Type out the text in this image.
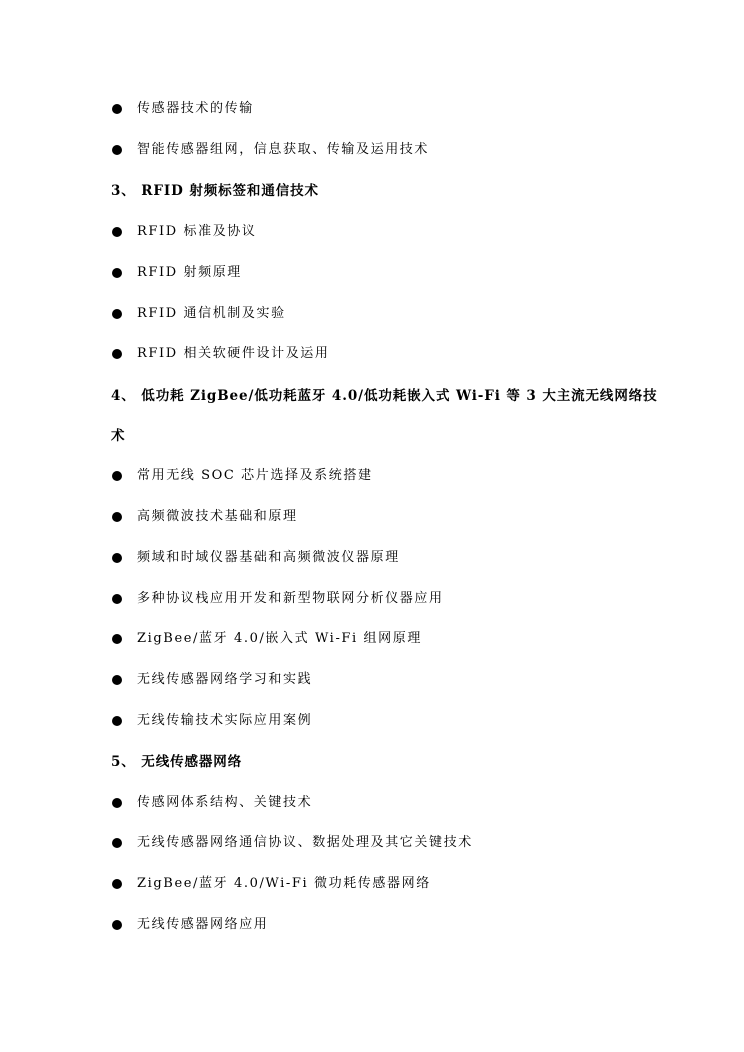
传感器技术的传输
智能传感器组网，信息获取、传输及运用技术
3、 RFID 射频标签和通信技术
RFID 标准及协议
RFID 射频原理
RFID 通信机制及实验
RFID 相关软硬件设计及运用
4、 低功耗 ZigBee/低功耗蓝牙 4.0/低功耗嵌入式 Wi-Fi 等 3 大主流无线网络技
术
常用无线 SOC 芯片选择及系统搭建
高频微波技术基础和原理
频域和时域仪器基础和高频微波仪器原理
多种协议栈应用开发和新型物联网分析仪器应用
ZigBee/蓝牙 4.0/嵌入式 Wi-Fi 组网原理
无线传感器网络学习和实践
无线传输技术实际应用案例
5、 无线传感器网络
传感网体系结构、关键技术
无线传感器网络通信协议、数据处理及其它关键技术
ZigBee/蓝牙 4.0/Wi-Fi 微功耗传感器网络
无线传感器网络应用
